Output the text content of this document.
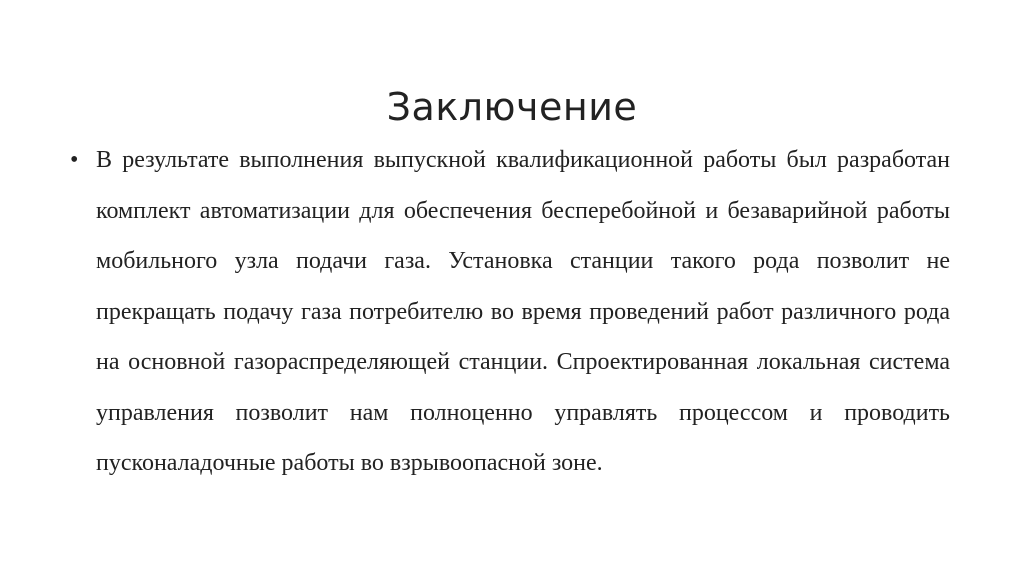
Заключение
• В результате выполнения выпускной квалификационной работы был разработан комплект автоматизации для обеспечения бесперебойной и безаварийной работы мобильного узла подачи газа. Установка станции такого рода позволит не прекращать подачу газа потребителю во время проведений работ различного рода на основной газораспределяющей станции. Спроектированная локальная система управления позволит нам полноценно управлять процессом и проводить пусконаладочные работы во взрывоопасной зоне.
